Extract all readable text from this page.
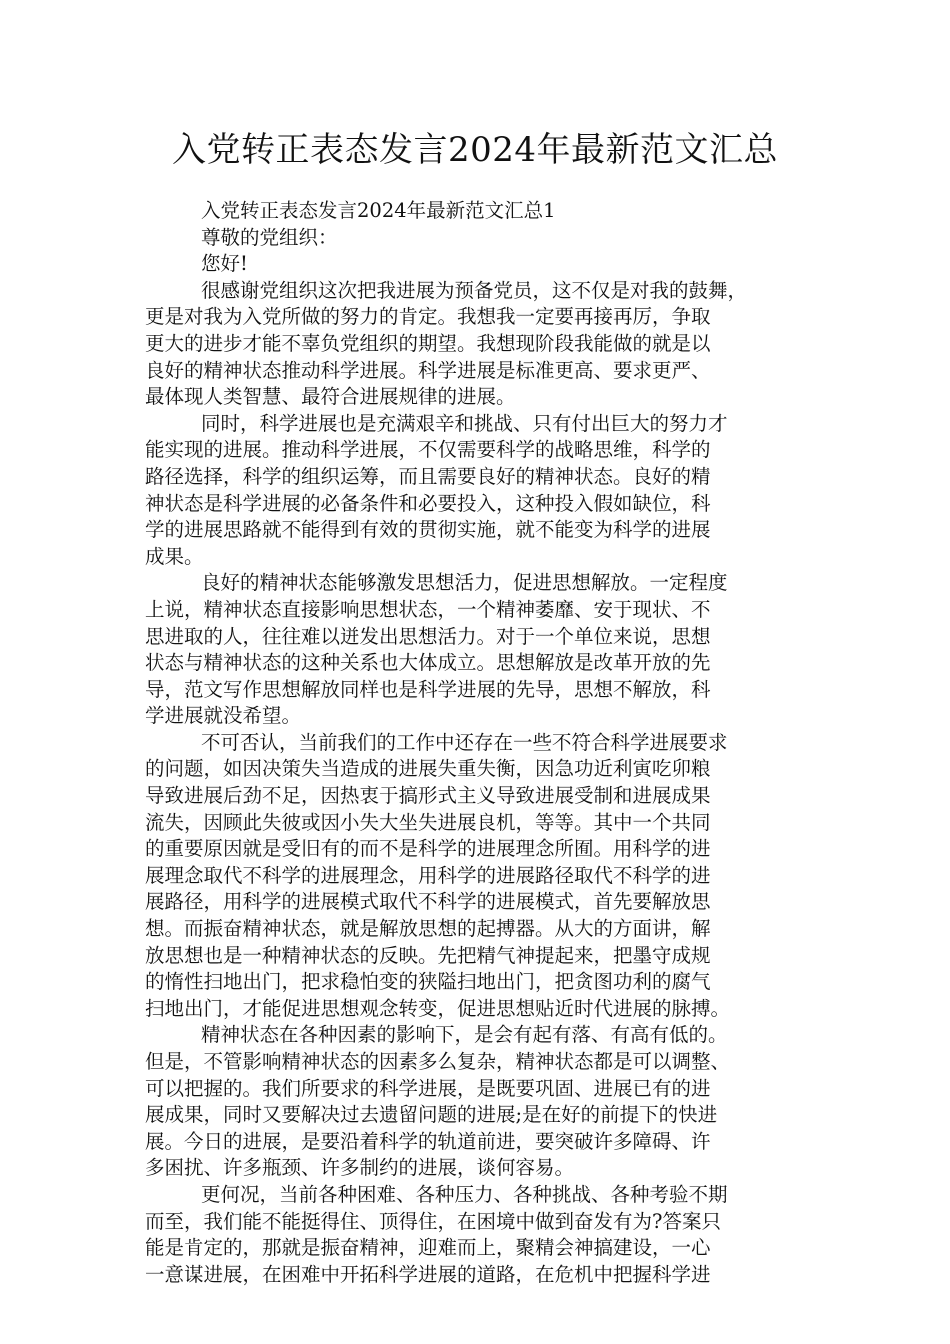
入党转正表态发言2024年最新范文汇总
入党转正表态发言2024年最新范文汇总1
尊敬的党组织：
您好!
很感谢党组织这次把我进展为预备党员，这不仅是对我的鼓舞，
更是对我为入党所做的努力的肯定。我想我一定要再接再厉，争取
更大的进步才能不辜负党组织的期望。我想现阶段我能做的就是以
良好的精神状态推动科学进展。科学进展是标准更高、要求更严、
最体现人类智慧、最符合进展规律的进展。
同时，科学进展也是充满艰辛和挑战、只有付出巨大的努力才
能实现的进展。推动科学进展，不仅需要科学的战略思维，科学的
路径选择，科学的组织运筹，而且需要良好的精神状态。良好的精
神状态是科学进展的必备条件和必要投入，这种投入假如缺位，科
学的进展思路就不能得到有效的贯彻实施，就不能变为科学的进展
成果。
良好的精神状态能够激发思想活力，促进思想解放。一定程度
上说，精神状态直接影响思想状态，一个精神萎靡、安于现状、不
思进取的人，往往难以迸发出思想活力。对于一个单位来说，思想
状态与精神状态的这种关系也大体成立。思想解放是改革开放的先
导，范文写作思想解放同样也是科学进展的先导，思想不解放，科
学进展就没希望。
不可否认，当前我们的工作中还存在一些不符合科学进展要求
的问题，如因决策失当造成的进展失重失衡，因急功近利寅吃卯粮
导致进展后劲不足，因热衷于搞形式主义导致进展受制和进展成果
流失，因顾此失彼或因小失大坐失进展良机，等等。其中一个共同
的重要原因就是受旧有的而不是科学的进展理念所囿。用科学的进
展理念取代不科学的进展理念，用科学的进展路径取代不科学的进
展路径，用科学的进展模式取代不科学的进展模式，首先要解放思
想。而振奋精神状态，就是解放思想的起搏器。从大的方面讲，解
放思想也是一种精神状态的反映。先把精气神提起来，把墨守成规
的惰性扫地出门，把求稳怕变的狭隘扫地出门，把贪图功利的腐气
扫地出门，才能促进思想观念转变，促进思想贴近时代进展的脉搏。
精神状态在各种因素的影响下，是会有起有落、有高有低的。
但是，不管影响精神状态的因素多么复杂，精神状态都是可以调整、
可以把握的。我们所要求的科学进展，是既要巩固、进展已有的进
展成果，同时又要解决过去遗留问题的进展;是在好的前提下的快进
展。今日的进展，是要沿着科学的轨道前进，要突破许多障碍、许
多困扰、许多瓶颈、许多制约的进展，谈何容易。
更何况，当前各种困难、各种压力、各种挑战、各种考验不期
而至，我们能不能挺得住、顶得住，在困境中做到奋发有为?答案只
能是肯定的，那就是振奋精神，迎难而上，聚精会神搞建设，一心
一意谋进展，在困难中开拓科学进展的道路，在危机中把握科学进
